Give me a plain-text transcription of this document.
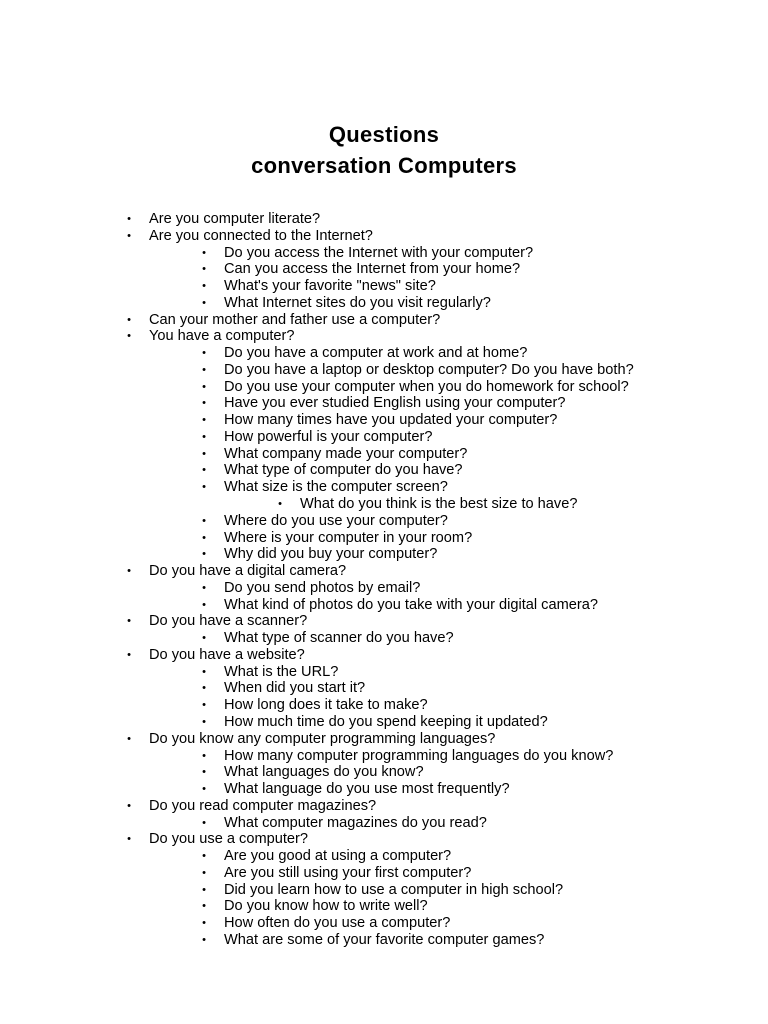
Questions
conversation Computers
• Are you computer literate?
• Are you connected to the Internet?
• Do you access the Internet with your computer?
• Can you access the Internet from your home?
• What's your favorite "news" site?
• What Internet sites do you visit regularly?
• Can your mother and father use a computer?
• You have a computer?
• Do you have a computer at work and at home?
• Do you have a laptop or desktop computer? Do you have both?
• Do you use your computer when you do homework for school?
• Have you ever studied English using your computer?
• How many times have you updated your computer?
• How powerful is your computer?
• What company made your computer?
• What type of computer do you have?
• What size is the computer screen?
• What do you think is the best size to have?
• Where do you use your computer?
• Where is your computer in your room?
• Why did you buy your computer?
• Do you have a digital camera?
• Do you send photos by email?
• What kind of photos do you take with your digital camera?
• Do you have a scanner?
• What type of scanner do you have?
• Do you have a website?
• What is the URL?
• When did you start it?
• How long does it take to make?
• How much time do you spend keeping it updated?
• Do you know any computer programming languages?
• How many computer programming languages do you know?
• What languages do you know?
• What language do you use most frequently?
• Do you read computer magazines?
• What computer magazines do you read?
• Do you use a computer?
• Are you good at using a computer?
• Are you still using your first computer?
• Did you learn how to use a computer in high school?
• Do you know how to write well?
• How often do you use a computer?
• What are some of your favorite computer games?
